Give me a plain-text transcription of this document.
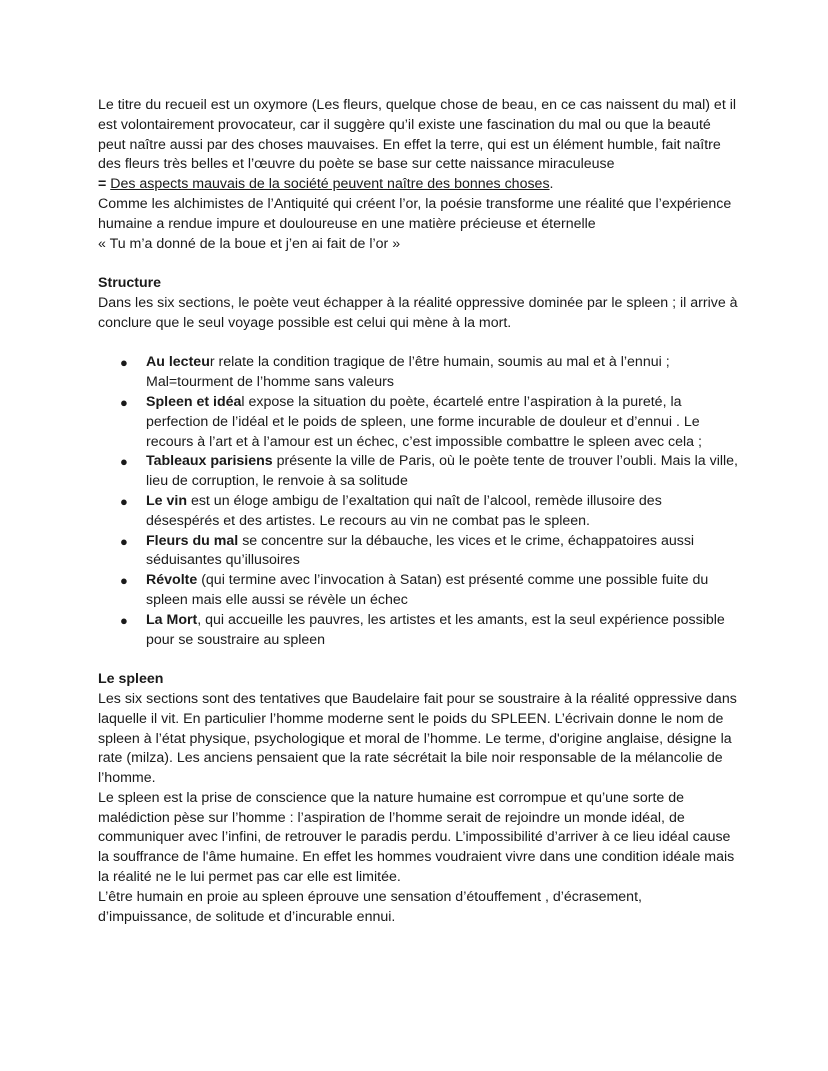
Le titre du recueil est un oxymore (Les fleurs, quelque chose de beau, en ce cas naissent du mal) et il est volontairement provocateur, car il suggère qu’il existe une fascination du mal ou que la beauté peut naître aussi par des choses mauvaises. En effet la terre, qui est un élément humble, fait naître des fleurs très belles et l’œuvre du poète se base sur cette naissance miraculeuse

= Des aspects mauvais de la société peuvent naître des bonnes choses.

Comme les alchimistes de l’Antiquité qui créent l’or, la poésie transforme une réalité que l’expérience humaine a rendue impure et douloureuse en une matière précieuse et éternelle

« Tu m’a donné de la boue et j’en ai fait de l’or »

Structure

Dans les six sections, le poète veut échapper à la réalité oppressive dominée par le spleen ; il arrive à conclure que le seul voyage possible est celui qui mène à la mort.

● Au lecteur relate la condition tragique de l’être humain, soumis au mal et à l’ennui ; Mal=tourment de l’homme sans valeurs
● Spleen et idéal expose la situation du poète, écartelé entre l’aspiration à la pureté, la perfection de l’idéal et le poids de spleen, une forme incurable de douleur et d’ennui . Le recours à l’art et à l’amour est un échec, c’est impossible combattre le spleen avec cela ;
● Tableaux parisiens présente la ville de Paris, où le poète tente de trouver l’oubli. Mais la ville, lieu de corruption, le renvoie à sa solitude
● Le vin est un éloge ambigu de l’exaltation qui naît de l’alcool, remède illusoire des désespérés et des artistes. Le recours au vin ne combat pas le spleen.
● Fleurs du mal se concentre sur la débauche, les vices et le crime, échappatoires aussi séduisantes qu’illusoires
● Révolte (qui termine avec l’invocation à Satan) est présenté comme une possible fuite du spleen mais elle aussi se révèle un échec
● La Mort, qui accueille les pauvres, les artistes et les amants, est la seul expérience possible pour se soustraire au spleen

Le spleen

Les six sections sont des tentatives que Baudelaire fait pour se soustraire à la réalité oppressive dans laquelle il vit. En particulier l’homme moderne sent le poids du SPLEEN. L’écrivain donne le nom de spleen à l’état physique, psychologique et moral de l’homme. Le terme, d'origine anglaise, désigne la rate (milza). Les anciens pensaient que la rate sécrétait la bile noir responsable de la mélancolie de l’homme.

Le spleen est la prise de conscience que la nature humaine est corrompue et qu’une sorte de malédiction pèse sur l’homme : l’aspiration de l’homme serait de rejoindre un monde idéal, de communiquer avec l’infini, de retrouver le paradis perdu. L’impossibilité d’arriver à ce lieu idéal cause la souffrance de l'âme humaine. En effet les hommes voudraient vivre dans une condition idéale mais la réalité ne le lui permet pas car elle est limitée.

L’être humain en proie au spleen éprouve une sensation d’étouffement , d’écrasement, d’impuissance, de solitude et d’incurable ennui.
